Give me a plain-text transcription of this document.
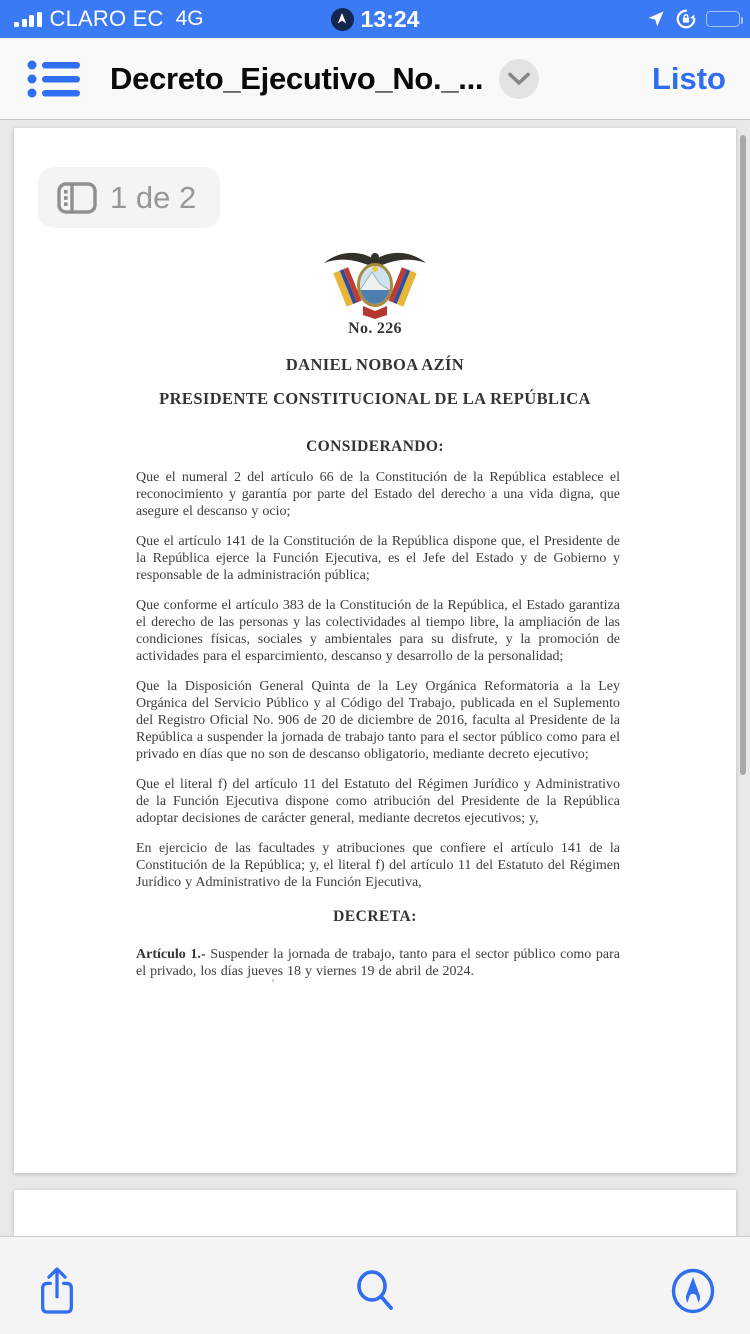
CLARO EC 4G	13:24
Decreto_Ejecutivo_No._...	Listo
1 de 2
No. 226
DANIEL NOBOA AZÍN
PRESIDENTE CONSTITUCIONAL DE LA REPÚBLICA
CONSIDERANDO:

Que el numeral 2 del artículo 66 de la Constitución de la República establece el reconocimiento y garantía por parte del Estado del derecho a una vida digna, que asegure el descanso y ocio;

Que el artículo 141 de la Constitución de la República dispone que, el Presidente de la República ejerce la Función Ejecutiva, es el Jefe del Estado y de Gobierno y responsable de la administración pública;

Que conforme el artículo 383 de la Constitución de la República, el Estado garantiza el derecho de las personas y las colectividades al tiempo libre, la ampliación de las condiciones físicas, sociales y ambientales para su disfrute, y la promoción de actividades para el esparcimiento, descanso y desarrollo de la personalidad;

Que la Disposición General Quinta de la Ley Orgánica Reformatoria a la Ley Orgánica del Servicio Público y al Código del Trabajo, publicada en el Suplemento del Registro Oficial No. 906 de 20 de diciembre de 2016, faculta al Presidente de la República a suspender la jornada de trabajo tanto para el sector público como para el privado en días que no son de descanso obligatorio, mediante decreto ejecutivo;

Que el literal f) del artículo 11 del Estatuto del Régimen Jurídico y Administrativo de la Función Ejecutiva dispone como atribución del Presidente de la República adoptar decisiones de carácter general, mediante decretos ejecutivos; y,

En ejercicio de las facultades y atribuciones que confiere el artículo 141 de la Constitución de la República; y, el literal f) del artículo 11 del Estatuto del Régimen Jurídico y Administrativo de la Función Ejecutiva,

DECRETA:
Artículo 1.- Suspender la jornada de trabajo, tanto para el sector público como para el privado, los días jueves 18 y viernes 19 de abril de 2024.
'
